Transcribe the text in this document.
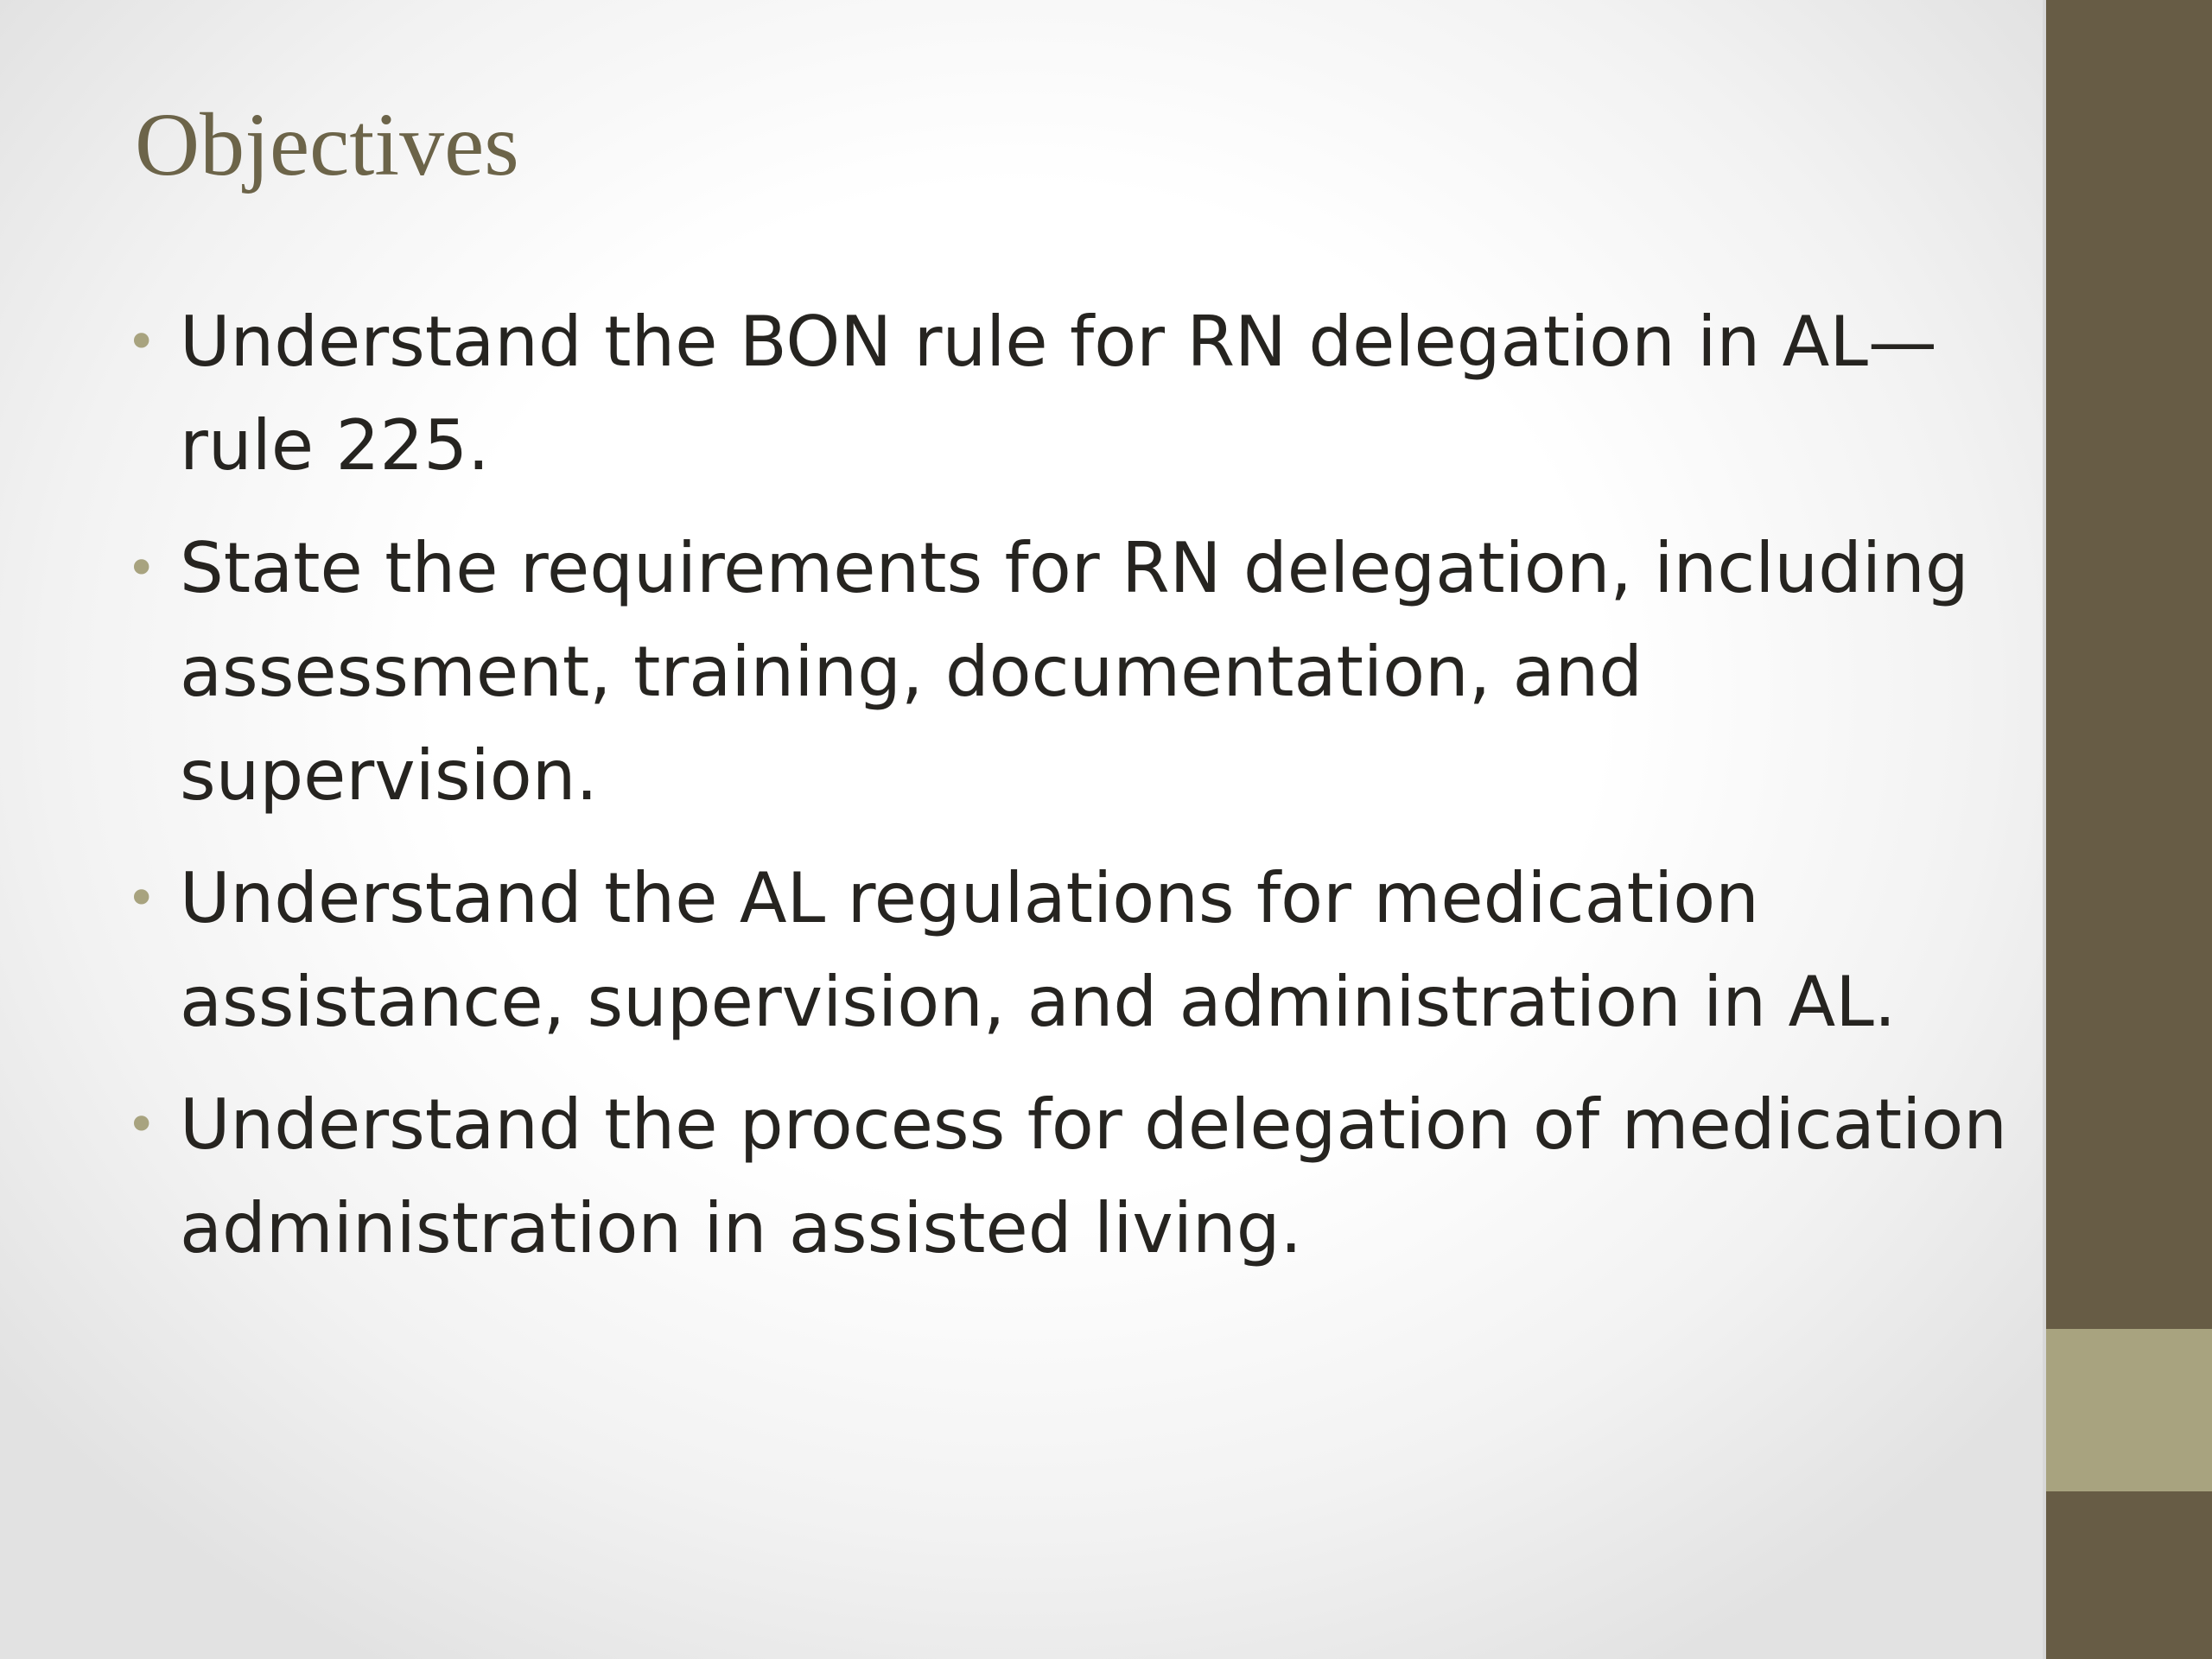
Objectives
• Understand the BON rule for RN delegation in AL— rule 225.
• State the requirements for RN delegation, including assessment, training, documentation, and supervision.
• Understand the AL regulations for medication assistance, supervision, and administration in AL.
• Understand the process for delegation of medication administration in assisted living.
